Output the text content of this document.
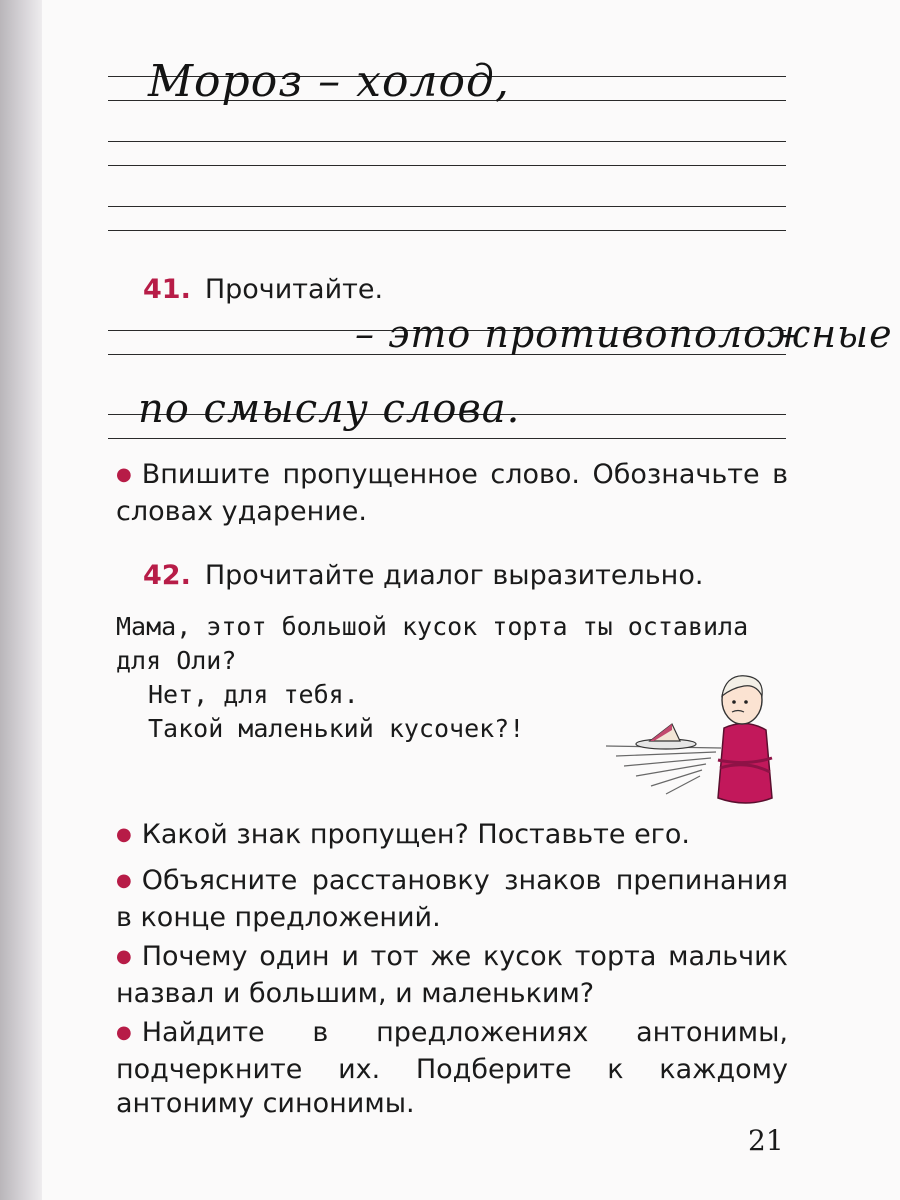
Мороз – холод,
41. Прочитайте.
– это противоположные
по смыслу слова.
● Впишите пропущенное слово. Обозначьте в словах ударение.
42. Прочитайте диалог выразительно.
Мама, этот большой кусок торта ты оставила для Оли?
Нет, для тебя.
Такой маленький кусочек?!
● Какой знак пропущен? Поставьте его.
● Объясните расстановку знаков препинания в конце предложений.
● Почему один и тот же кусок торта мальчик назвал и большим, и маленьким?
● Найдите в предложениях антонимы, подчеркните их. Подберите к каждому антониму синонимы.
21
